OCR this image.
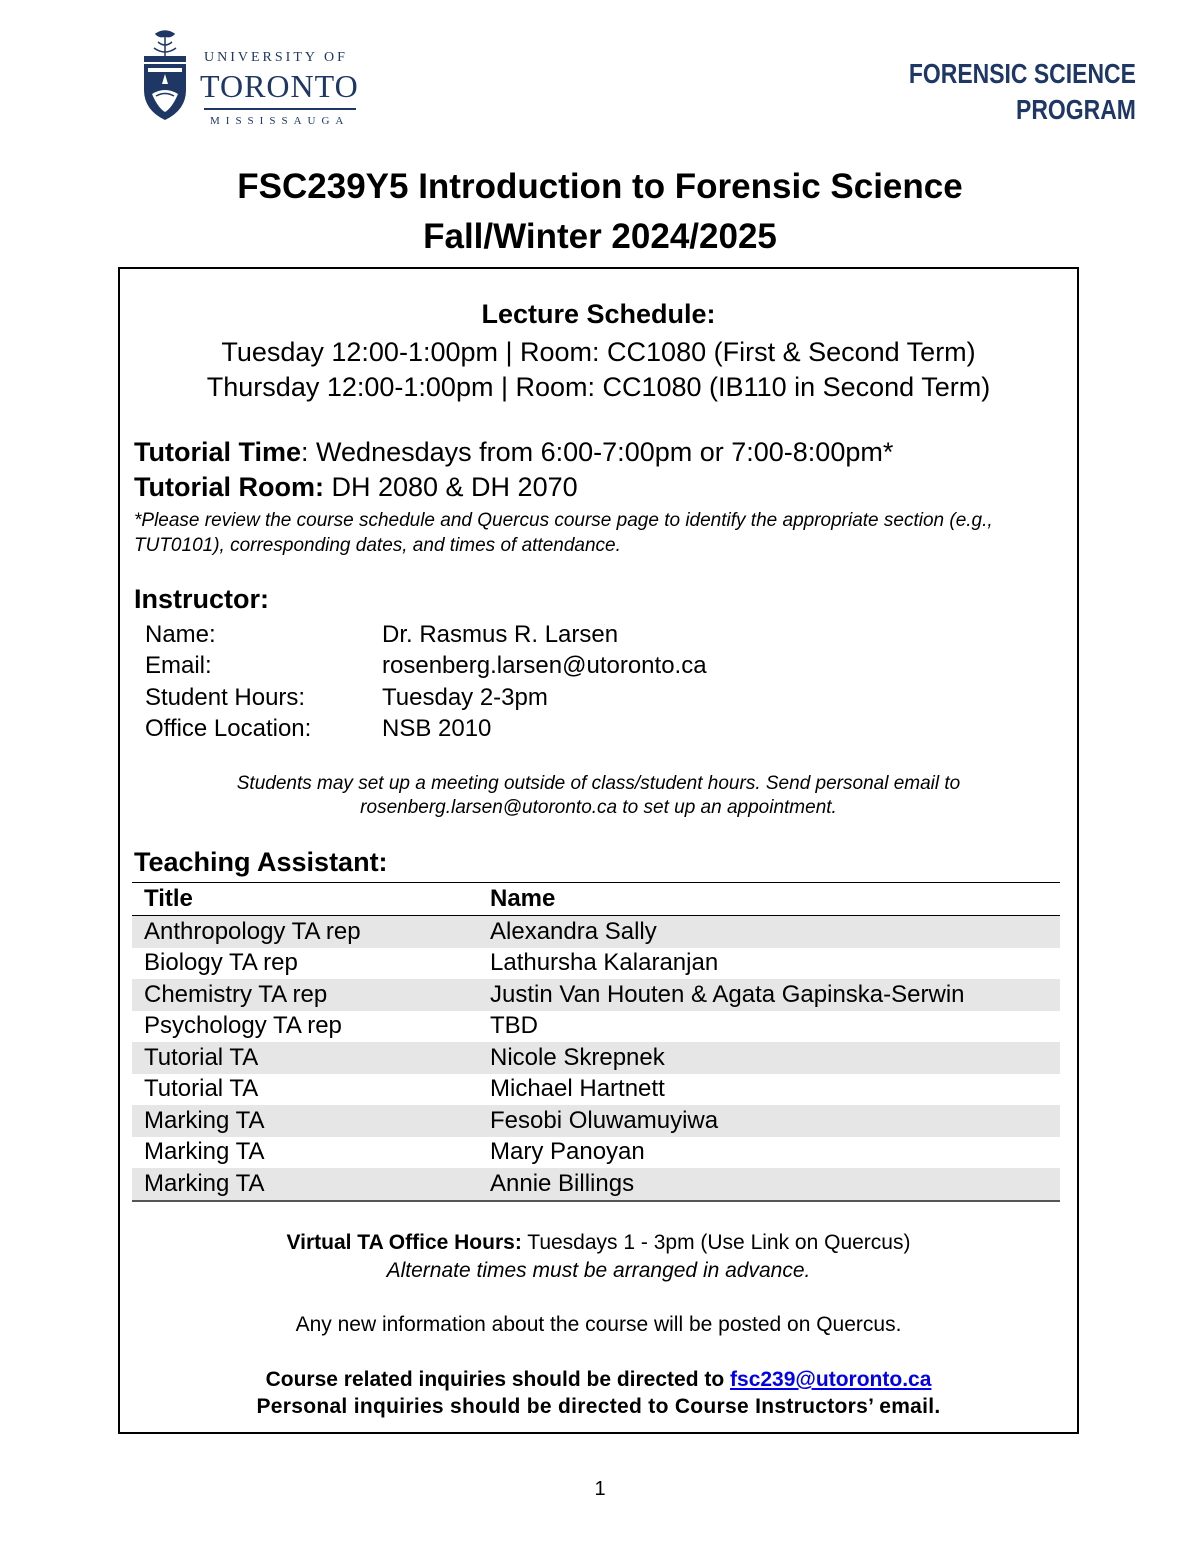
UNIVERSITY OF
TORONTO
MISSISSAUGA
FORENSIC SCIENCE
PROGRAM
FSC239Y5 Introduction to Forensic Science
Fall/Winter 2024/2025
Lecture Schedule:
Tuesday 12:00-1:00pm | Room: CC1080 (First & Second Term)
Thursday 12:00-1:00pm | Room: CC1080 (IB110 in Second Term)
Tutorial Time: Wednesdays from 6:00-7:00pm or 7:00-8:00pm*
Tutorial Room: DH 2080 & DH 2070
*Please review the course schedule and Quercus course page to identify the appropriate section (e.g., TUT0101), corresponding dates, and times of attendance.
Instructor:
Name:	Dr. Rasmus R. Larsen
Email:	rosenberg.larsen@utoronto.ca
Student Hours:	Tuesday 2-3pm
Office Location:	NSB 2010
Students may set up a meeting outside of class/student hours. Send personal email to
rosenberg.larsen@utoronto.ca to set up an appointment.
Teaching Assistant:
Title	Name
Anthropology TA rep	Alexandra Sally
Biology TA rep	Lathursha Kalaranjan
Chemistry TA rep	Justin Van Houten & Agata Gapinska-Serwin
Psychology TA rep	TBD
Tutorial TA	Nicole Skrepnek
Tutorial TA	Michael Hartnett
Marking TA	Fesobi Oluwamuyiwa
Marking TA	Mary Panoyan
Marking TA	Annie Billings
Virtual TA Office Hours: Tuesdays 1 - 3pm (Use Link on Quercus)
Alternate times must be arranged in advance.
Any new information about the course will be posted on Quercus.
Course related inquiries should be directed to fsc239@utoronto.ca
Personal inquiries should be directed to Course Instructors’ email.
1
